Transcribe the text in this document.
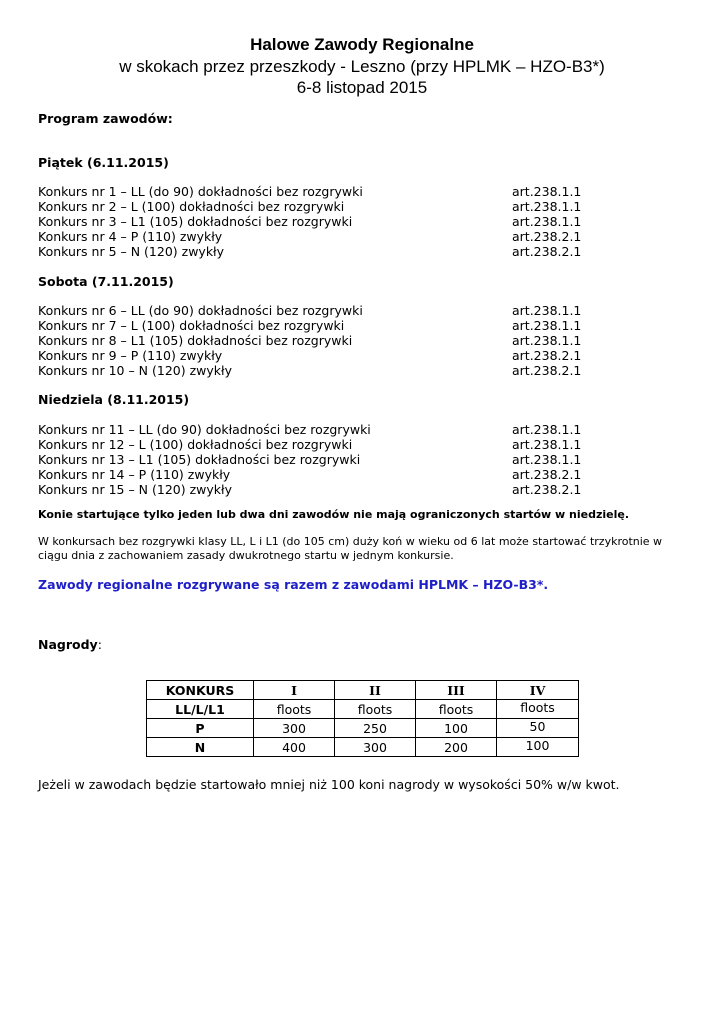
Halowe Zawody Regionalne
w skokach przez przeszkody - Leszno (przy HPLMK – HZO-B3*)
6-8 listopad 2015
Program zawodów:
Piątek (6.11.2015)
Konkurs nr 1 – LL (do 90) dokładności bez rozgrywki	art.238.1.1
Konkurs nr 2 – L (100) dokładności bez rozgrywki	art.238.1.1
Konkurs nr 3 – L1 (105) dokładności bez rozgrywki	art.238.1.1
Konkurs nr 4 – P (110) zwykły	art.238.2.1
Konkurs nr 5 – N (120) zwykły	art.238.2.1
Sobota (7.11.2015)
Konkurs nr 6 – LL (do 90) dokładności bez rozgrywki	art.238.1.1
Konkurs nr 7 – L (100) dokładności bez rozgrywki	art.238.1.1
Konkurs nr 8 – L1 (105) dokładności bez rozgrywki	art.238.1.1
Konkurs nr 9 – P (110) zwykły	art.238.2.1
Konkurs nr 10 – N (120) zwykły	art.238.2.1
Niedziela (8.11.2015)
Konkurs nr 11 – LL (do 90) dokładności bez rozgrywki	art.238.1.1
Konkurs nr 12 – L (100) dokładności bez rozgrywki	art.238.1.1
Konkurs nr 13 – L1 (105) dokładności bez rozgrywki	art.238.1.1
Konkurs nr 14 – P (110) zwykły	art.238.2.1
Konkurs nr 15 – N (120) zwykły	art.238.2.1
Konie startujące tylko jeden lub dwa dni zawodów nie mają ograniczonych startów w niedzielę.
W konkursach bez rozgrywki klasy LL, L i L1 (do 105 cm) duży koń w wieku od 6 lat może startować trzykrotnie w
ciągu dnia z zachowaniem zasady dwukrotnego startu w jednym konkursie.
Zawody regionalne rozgrywane są razem z zawodami HPLMK – HZO-B3*.
Nagrody:
KONKURS	I	II	III	IV
LL/L/L1	floots	floots	floots	floots
P	300	250	100	50
N	400	300	200	100
Jeżeli w zawodach będzie startowało mniej niż 100 koni nagrody w wysokości 50% w/w kwot.
